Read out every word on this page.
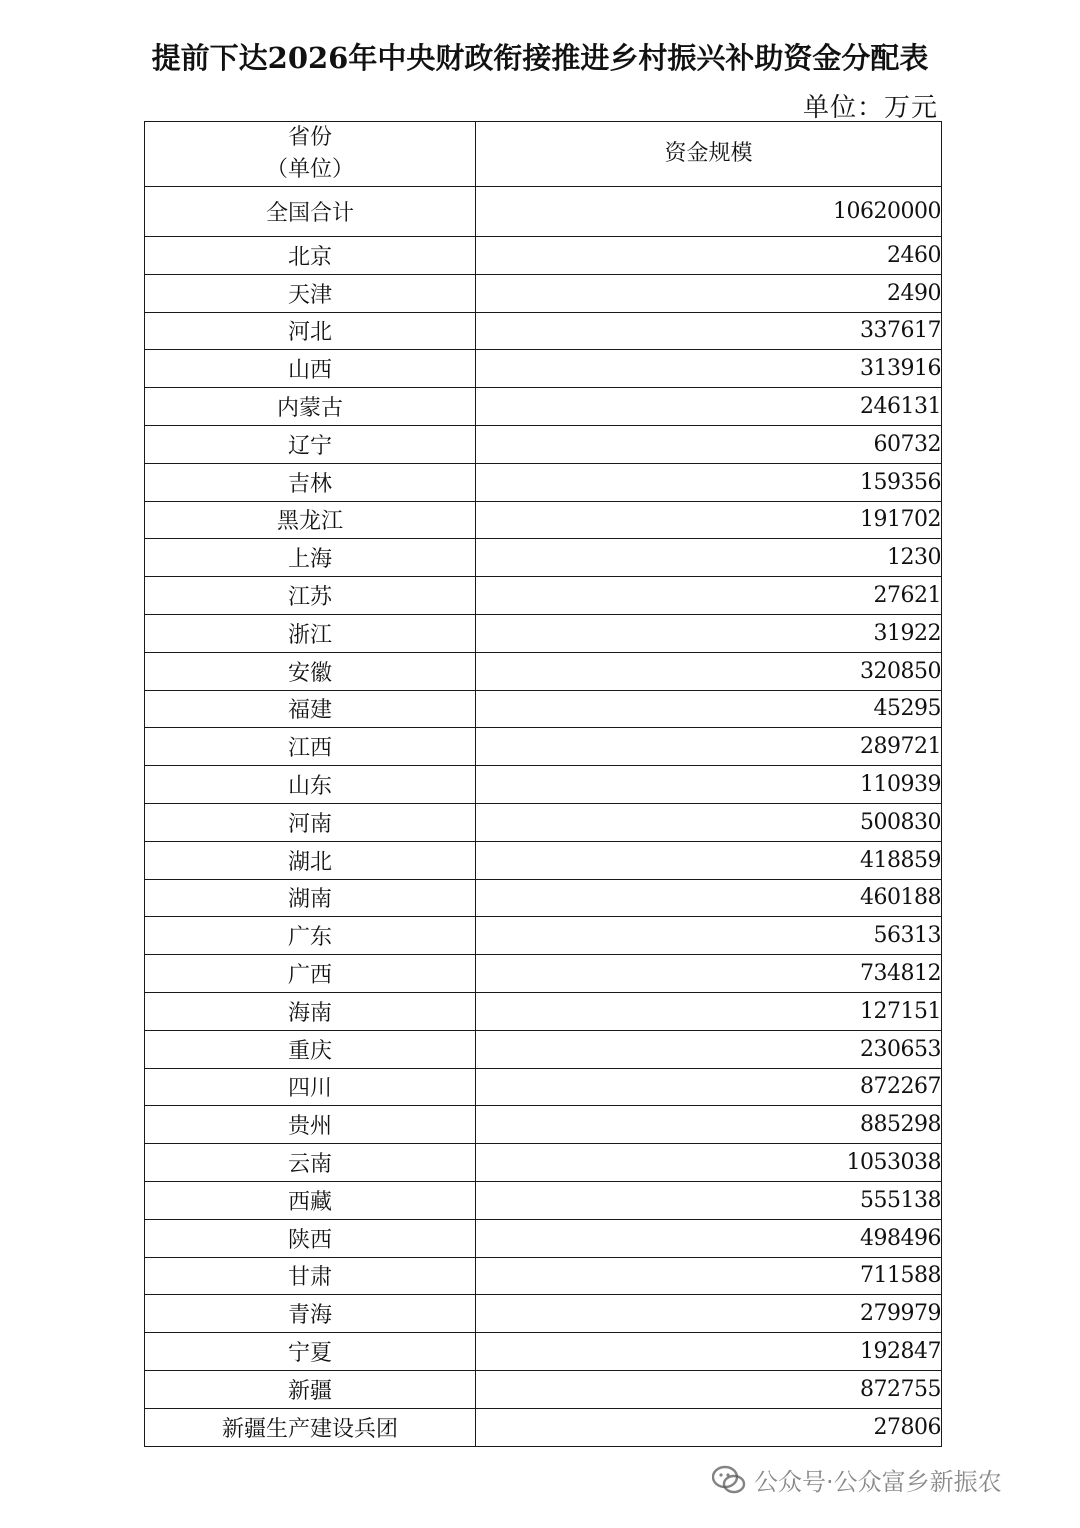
提前下达2026年中央财政衔接推进乡村振兴补助资金分配表
单位：万元
省份
（单位）	资金规模
全国合计	10620000
北京	2460
天津	2490
河北	337617
山西	313916
内蒙古	246131
辽宁	60732
吉林	159356
黑龙江	191702
上海	1230
江苏	27621
浙江	31922
安徽	320850
福建	45295
江西	289721
山东	110939
河南	500830
湖北	418859
湖南	460188
广东	56313
广西	734812
海南	127151
重庆	230653
四川	872267
贵州	885298
云南	1053038
西藏	555138
陕西	498496
甘肃	711588
青海	279979
宁夏	192847
新疆	872755
新疆生产建设兵团	27806
公众号·公众富乡新振农
